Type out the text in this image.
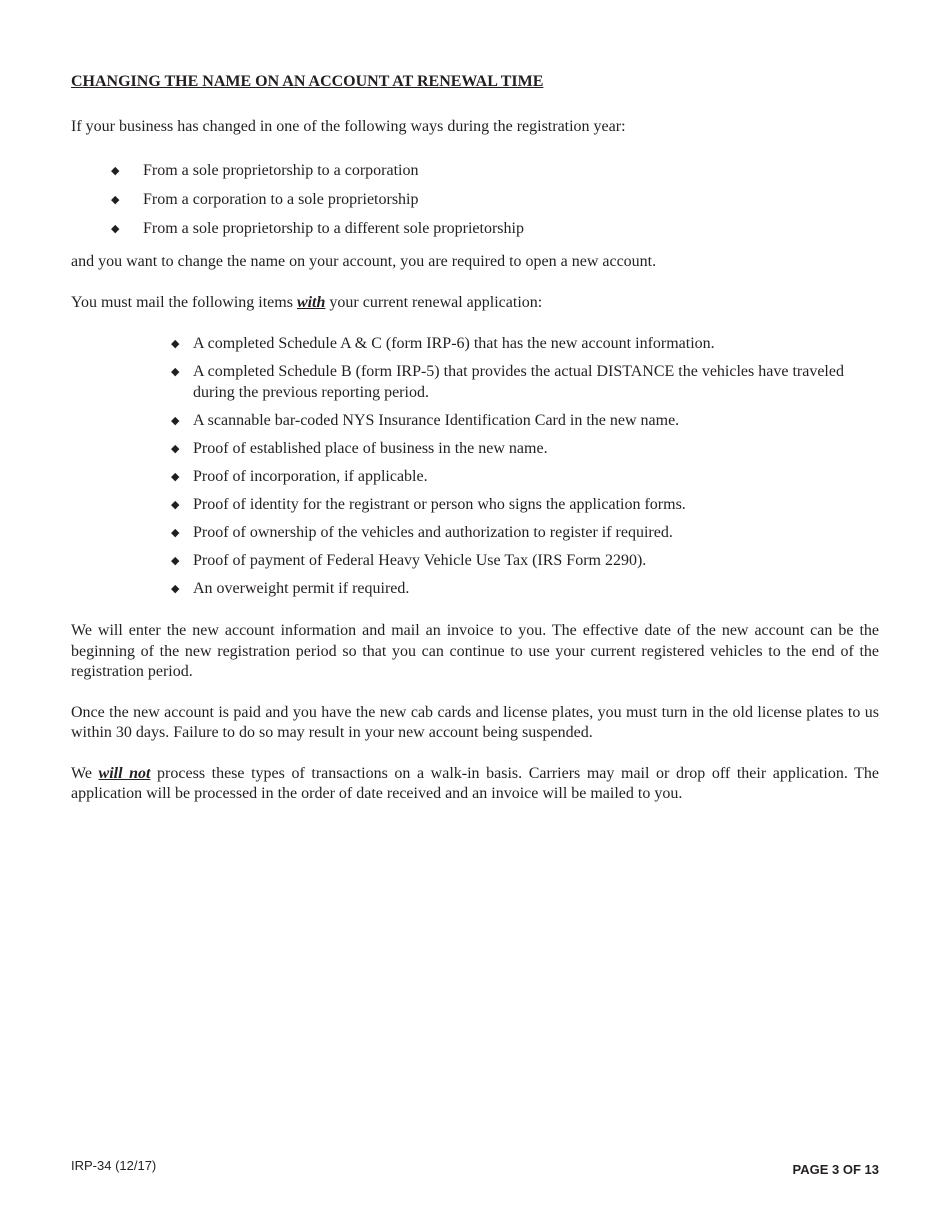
CHANGING THE NAME ON AN ACCOUNT AT RENEWAL TIME

If your business has changed in one of the following ways during the registration year:

◆ From a sole proprietorship to a corporation
◆ From a corporation to a sole proprietorship
◆ From a sole proprietorship to a different sole proprietorship

and you want to change the name on your account, you are required to open a new account.

You must mail the following items with your current renewal application:

◆ A completed Schedule A & C (form IRP-6) that has the new account information.
◆ A completed Schedule B (form IRP-5) that provides the actual DISTANCE the vehicles have traveled during the previous reporting period.
◆ A scannable bar-coded NYS Insurance Identification Card in the new name.
◆ Proof of established place of business in the new name.
◆ Proof of incorporation, if applicable.
◆ Proof of identity for the registrant or person who signs the application forms.
◆ Proof of ownership of the vehicles and authorization to register if required.
◆ Proof of payment of Federal Heavy Vehicle Use Tax (IRS Form 2290).
◆ An overweight permit if required.

We will enter the new account information and mail an invoice to you. The effective date of the new account can be the beginning of the new registration period so that you can continue to use your current registered vehicles to the end of the registration period.

Once the new account is paid and you have the new cab cards and license plates, you must turn in the old license plates to us within 30 days. Failure to do so may result in your new account being suspended.

We will not process these types of transactions on a walk-in basis. Carriers may mail or drop off their application. The application will be processed in the order of date received and an invoice will be mailed to you.

IRP-34 (12/17)	PAGE 3 OF 13
